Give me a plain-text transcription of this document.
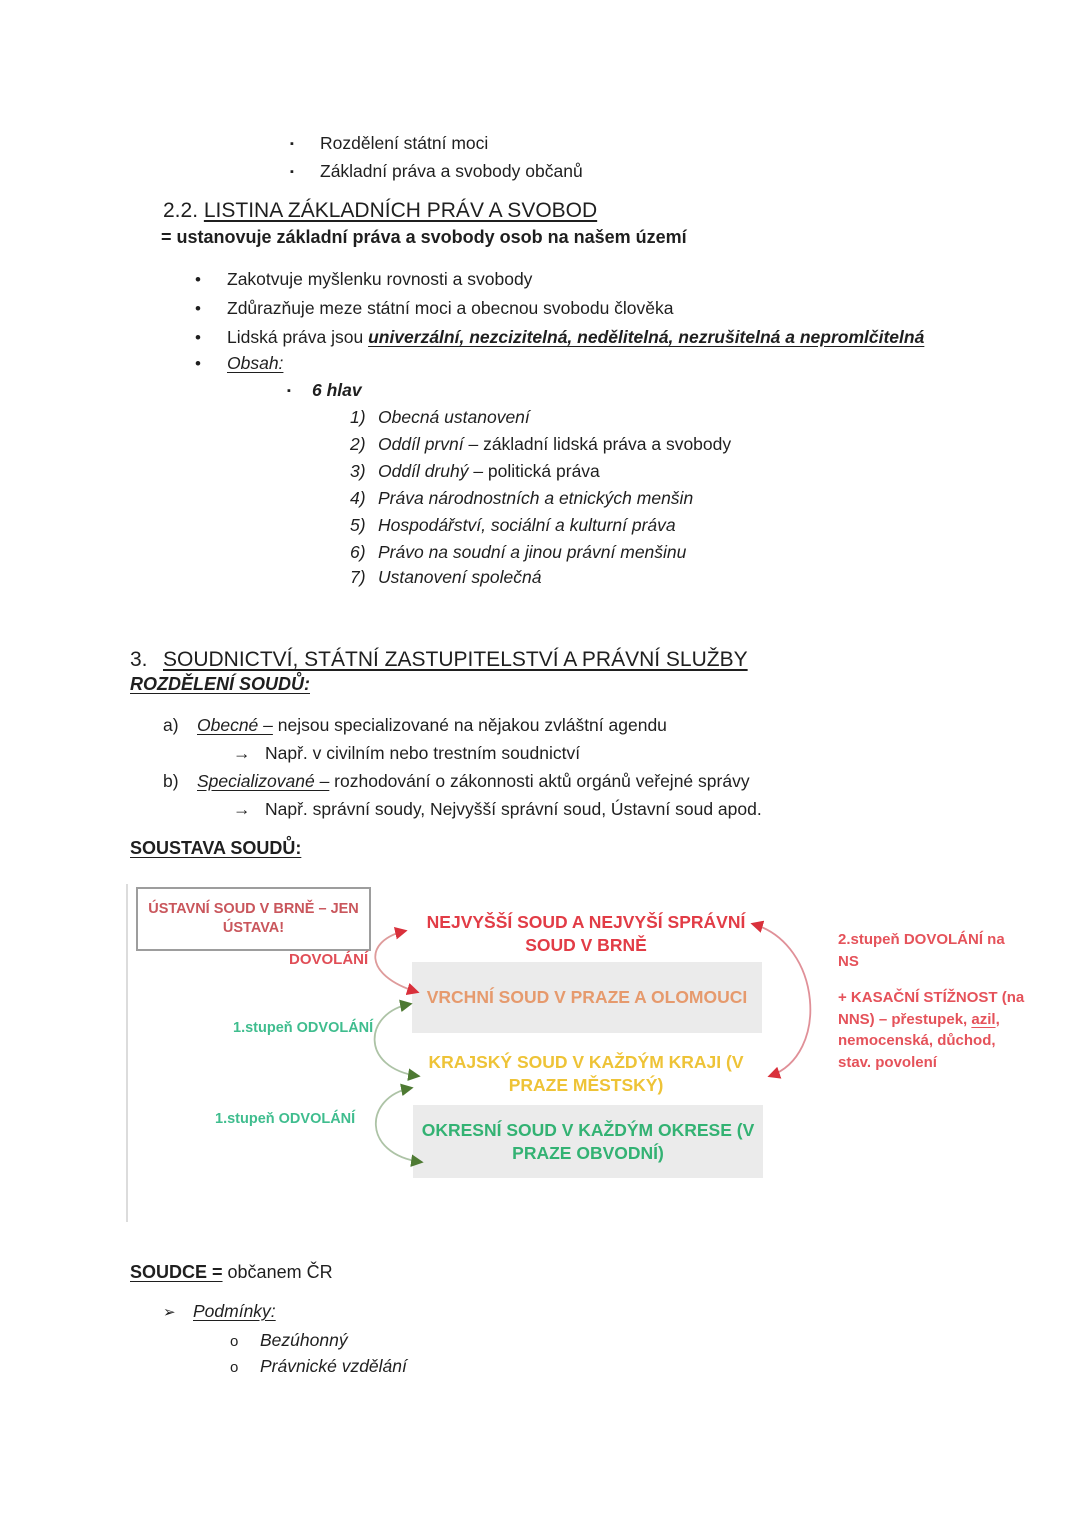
▪ Rozdělení státní moci
▪ Základní práva a svobody občanů
2.2. LISTINA ZÁKLADNÍCH PRÁV A SVOBOD
= ustanovuje základní práva a svobody osob na našem území
• Zakotvuje myšlenku rovnosti a svobody
• Zdůrazňuje meze státní moci a obecnou svobodu člověka
• Lidská práva jsou univerzální, nezcizitelná, nedělitelná, nezrušitelná a nepromlčitelná
• Obsah:
▪ 6 hlav
1) Obecná ustanovení
2) Oddíl první – základní lidská práva a svobody
3) Oddíl druhý – politická práva
4) Práva národnostních a etnických menšin
5) Hospodářství, sociální a kulturní práva
6) Právo na soudní a jinou právní menšinu
7) Ustanovení společná
3. SOUDNICTVÍ, STÁTNÍ ZASTUPITELSTVÍ A PRÁVNÍ SLUŽBY
ROZDĚLENÍ SOUDŮ:
a) Obecné – nejsou specializované na nějakou zvláštní agendu
→ Např. v civilním nebo trestním soudnictví
b) Specializované – rozhodování o zákonnosti aktů orgánů veřejné správy
→ Např. správní soudy, Nejvyšší správní soud, Ústavní soud apod.
SOUSTAVA SOUDŮ:
ÚSTAVNÍ SOUD V BRNĚ – JEN
ÚSTAVA!
DOVOLÁNÍ
NEJVYŠŠÍ SOUD A NEJVYŠÍ SPRÁVNÍ
SOUD V BRNĚ
VRCHNÍ SOUD V PRAZE A OLOMOUCI
KRAJSKÝ SOUD V KAŽDÝM KRAJI (V
PRAZE MĚSTSKÝ)
OKRESNÍ SOUD V KAŽDÝM OKRESE (V
PRAZE OBVODNÍ)
1.stupeň ODVOLÁNÍ
1.stupeň ODVOLÁNÍ
2.stupeň DOVOLÁNÍ na
NS
+ KASAČNÍ STÍŽNOST (na
NNS) – přestupek, azil,
nemocenská, důchod,
stav. povolení
SOUDCE = občanem ČR
➢ Podmínky:
o Bezúhonný
o Právnické vzdělání
